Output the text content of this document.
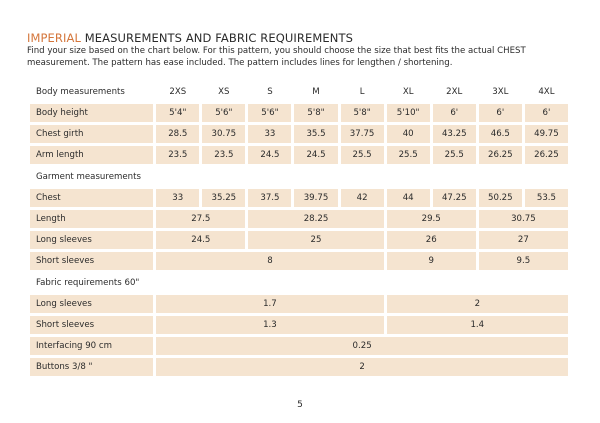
IMPERIAL MEASUREMENTS AND FABRIC REQUIREMENTS
Find your size based on the chart below. For this pattern, you should choose the size that best fits the actual CHEST measurement. The pattern has ease included. The pattern includes lines for lengthen / shortening.
Body measurements	2XS	XS	S	M	L	XL	2XL	3XL	4XL
Body height	5'4"	5'6"	5'6"	5'8"	5'8"	5'10"	6'	6'	6'
Chest girth	28.5	30.75	33	35.5	37.75	40	43.25	46.5	49.75
Arm length	23.5	23.5	24.5	24.5	25.5	25.5	25.5	26.25	26.25
Garment measurements									
Chest	33	35.25	37.5	39.75	42	44	47.25	50.25	53.5
Length	27.5		28.25			29.5		30.75	
Long sleeves	24.5		25			26		27	
Short sleeves	8					9		9.5	
Fabric requirements 60"									
Long sleeves	1.7					2			
Short sleeves	1.3					1.4			
Interfacing 90 cm	0.25								
Buttons 3/8 "	2								
5
